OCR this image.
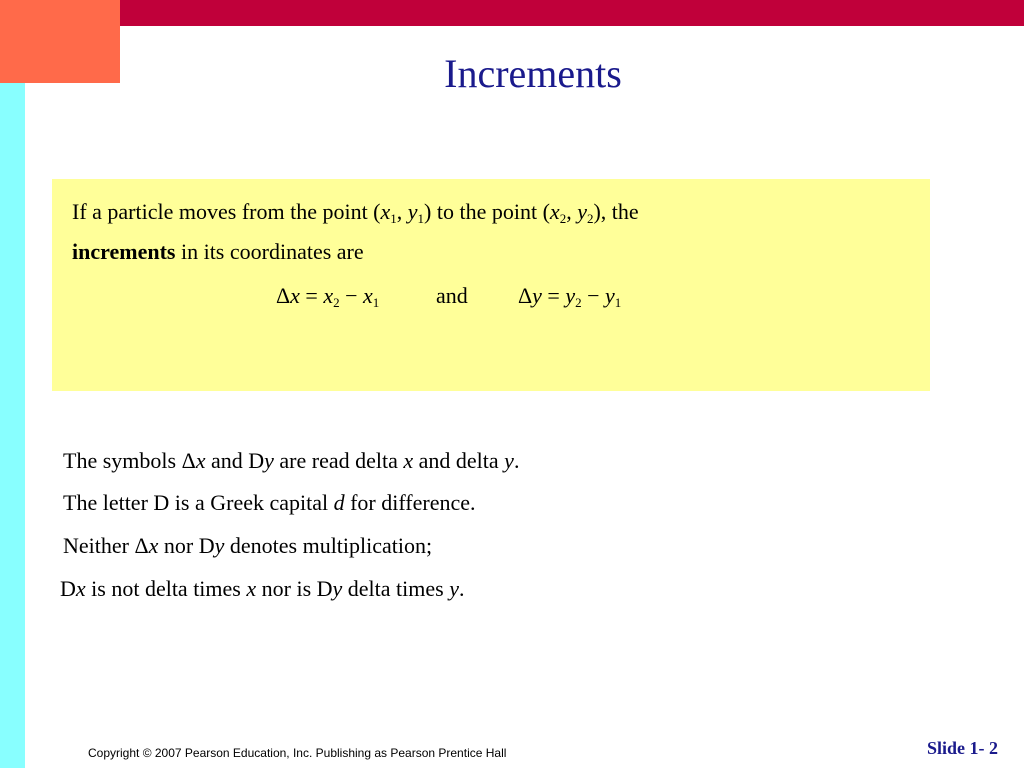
Increments
If a particle moves from the point ($x_1$, $y_1$) to the point ($x_2$, $y_2$), the
increments in its coordinates are
$\Delta x = x_2 - x_1$	and $\Delta y = y_2 - y_1$
The symbols Δx and Dy are read delta x and delta y.
The letter D is a Greek capital d for difference.
Neither Δx nor Dy denotes multiplication;
Dx is not delta times x nor is Dy delta times y.
Copyright © 2007 Pearson Education, Inc. Publishing as Pearson Prentice Hall	Slide 1- 2
